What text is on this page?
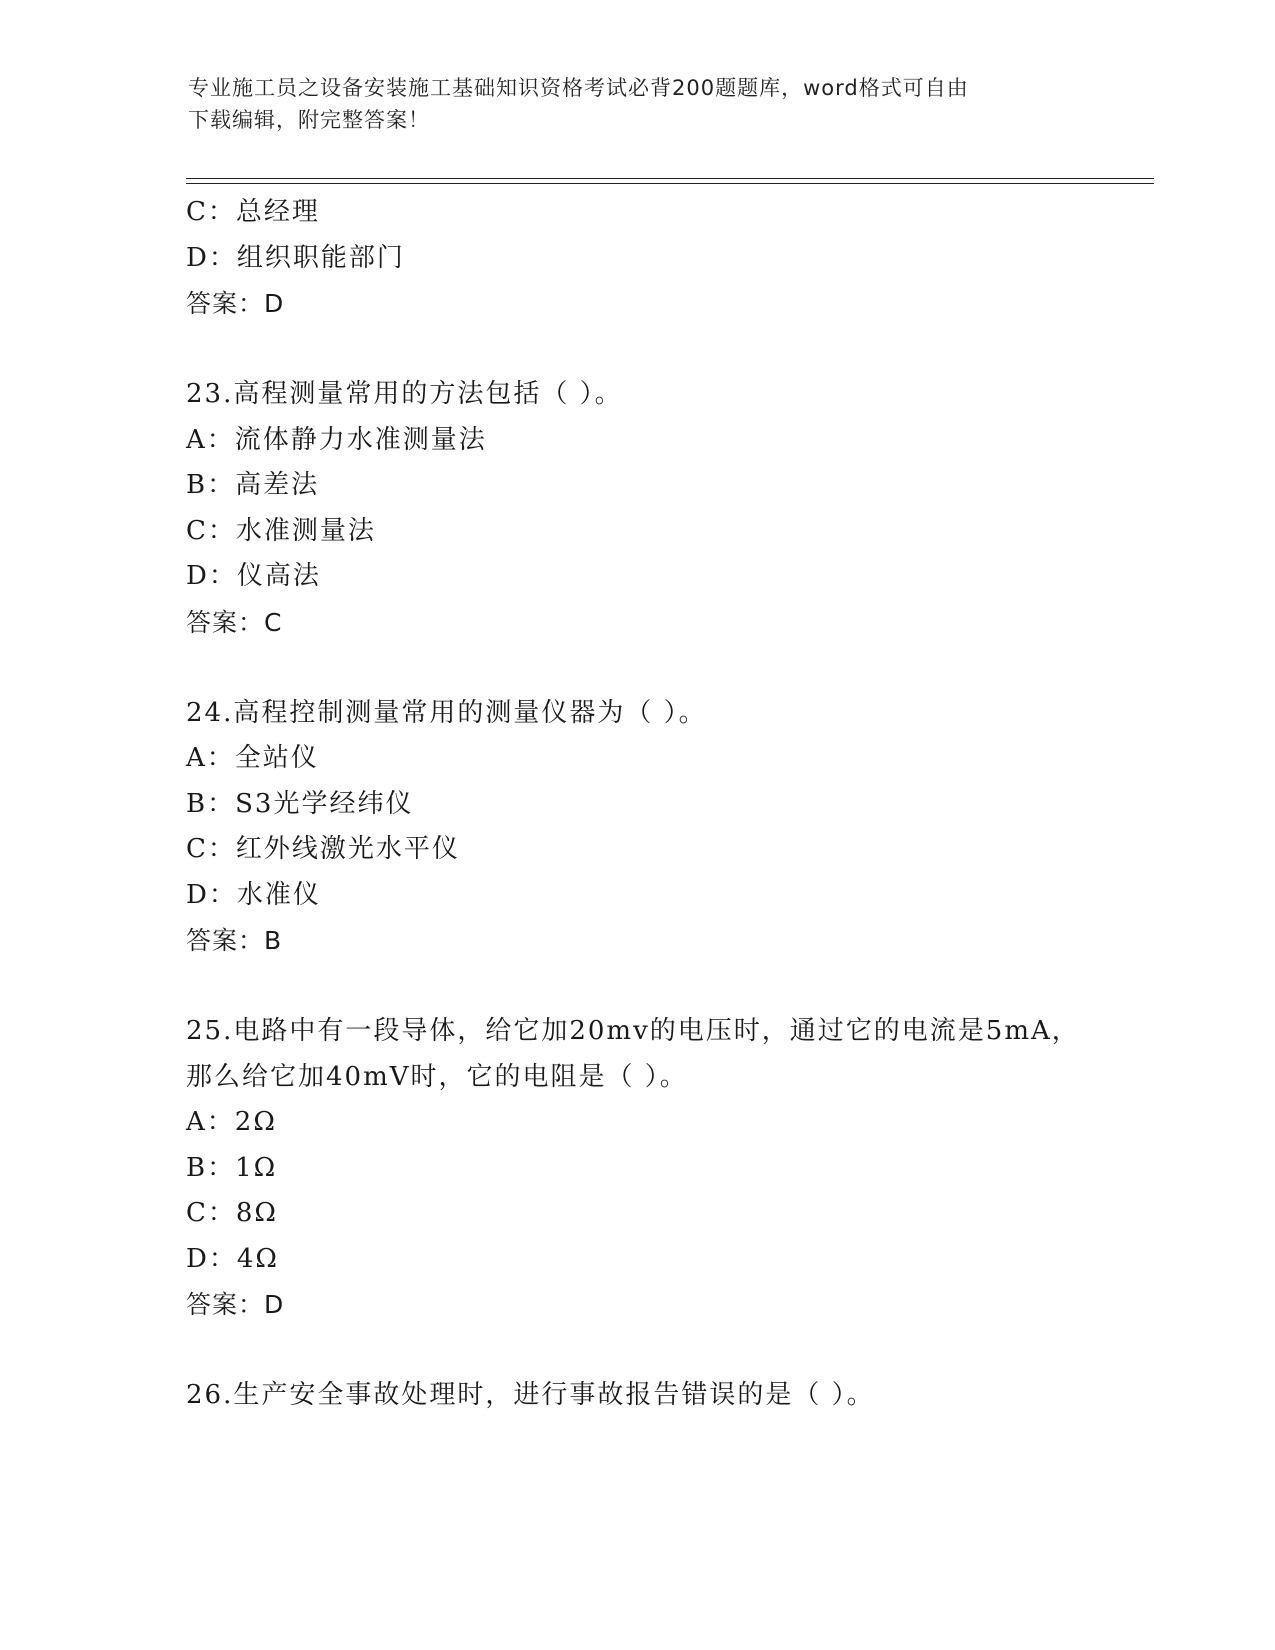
专业施工员之设备安装施工基础知识资格考试必背200题题库，word格式可自由
下载编辑，附完整答案！
C：总经理
D：组织职能部门
答案：D
23.高程测量常用的方法包括（ ）。
A：流体静力水准测量法
B：高差法
C：水准测量法
D：仪高法
答案：C
24.高程控制测量常用的测量仪器为（ ）。
A：全站仪
B：S3光学经纬仪
C：红外线激光水平仪
D：水准仪
答案：B
25.电路中有一段导体，给它加20mv的电压时，通过它的电流是5mA，
那么给它加40mV时，它的电阻是（ ）。
A：2Ω
B：1Ω
C：8Ω
D：4Ω
答案：D
26.生产安全事故处理时，进行事故报告错误的是（ ）。
